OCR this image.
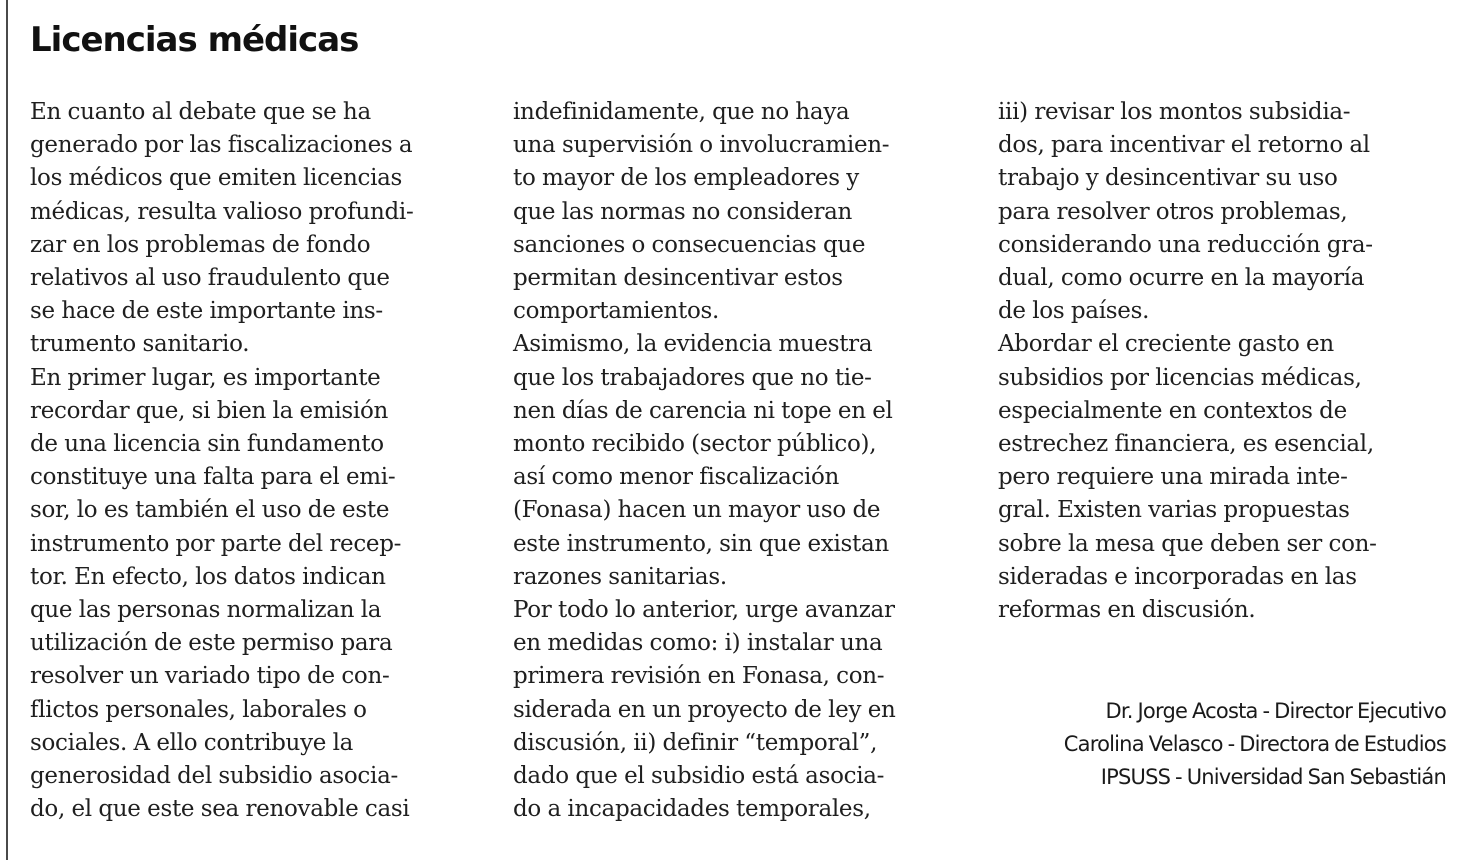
Licencias médicas

En cuanto al debate que se ha
generado por las fiscalizaciones a
los médicos que emiten licencias
médicas, resulta valioso profundi-
zar en los problemas de fondo
relativos al uso fraudulento que
se hace de este importante ins-
trumento sanitario.

En primer lugar, es importante
recordar que, si bien la emisión
de una licencia sin fundamento
constituye una falta para el emi-
sor, lo es también el uso de este
instrumento por parte del recep-
tor. En efecto, los datos indican
que las personas normalizan la
utilización de este permiso para
resolver un variado tipo de con-
flictos personales, laborales o
sociales. A ello contribuye la
generosidad del subsidio asocia-
do, el que este sea renovable casi

indefinidamente, que no haya
una supervisión o involucramien-
to mayor de los empleadores y
que las normas no consideran
sanciones o consecuencias que
permitan desincentivar estos
comportamientos.

Asimismo, la evidencia muestra
que los trabajadores que no tie-
nen días de carencia ni tope en el
monto recibido (sector público),
así como menor fiscalización
(Fonasa) hacen un mayor uso de
este instrumento, sin que existan
razones sanitarias.

Por todo lo anterior, urge avanzar
en medidas como: i) instalar una
primera revisión en Fonasa, con-
siderada en un proyecto de ley en
discusión, ii) definir “temporal”,
dado que el subsidio está asocia-
do a incapacidades temporales,

iii) revisar los montos subsidia-
dos, para incentivar el retorno al
trabajo y desincentivar su uso
para resolver otros problemas,
considerando una reducción gra-
dual, como ocurre en la mayoría
de los países.

Abordar el creciente gasto en
subsidios por licencias médicas,
especialmente en contextos de
estrechez financiera, es esencial,
pero requiere una mirada inte-
gral. Existen varias propuestas
sobre la mesa que deben ser con-
sideradas e incorporadas en las
reformas en discusión.

Dr. Jorge Acosta - Director Ejecutivo
Carolina Velasco - Directora de Estudios
IPSUSS - Universidad San Sebastián
